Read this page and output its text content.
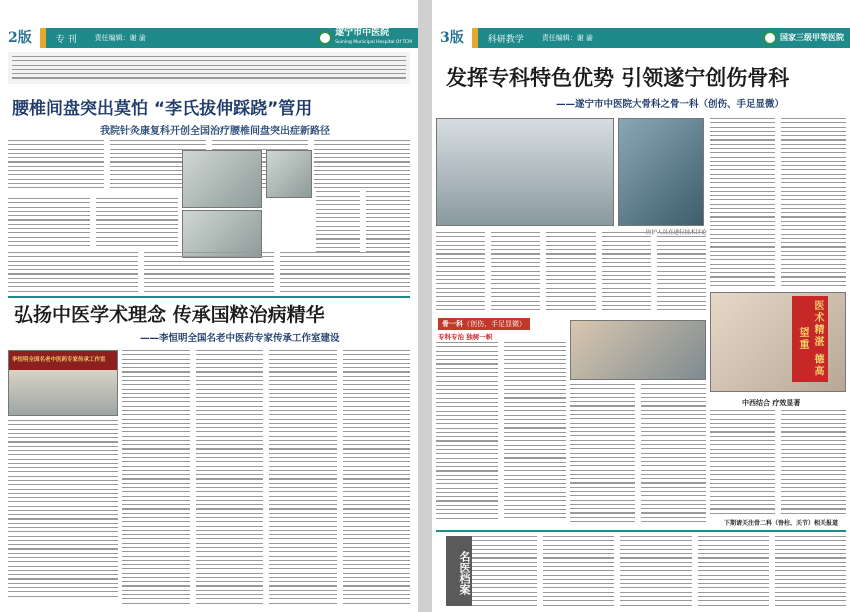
2版	专 刊	责任编辑：谢 渝	遂宁市中医院
Suining Municipal Hospital Of TCM
腰椎间盘突出莫怕 “李氏拔伸踩跷”管用
我院针灸康复科开创全国治疗腰椎间盘突出症新路径
弘扬中医学术理念 传承国粹治病精华
——李恒明全国名老中医药专家传承工作室建设
李恒明全国名老中医药专家传承工作室
3版	科研教学	责任编辑：谢 渝	国家三级甲等医院
发挥专科特色优势 引领遂宁创伤骨科
——遂宁市中医院大骨科之骨一科（创伤、手足显微）
骨一科（创伤、手足显微）
专科专治 独树一帜	医术精湛 德高望重
中西结合 疗效显著
下期请关注骨二科（脊柱、关节）相关报道
名医档案
